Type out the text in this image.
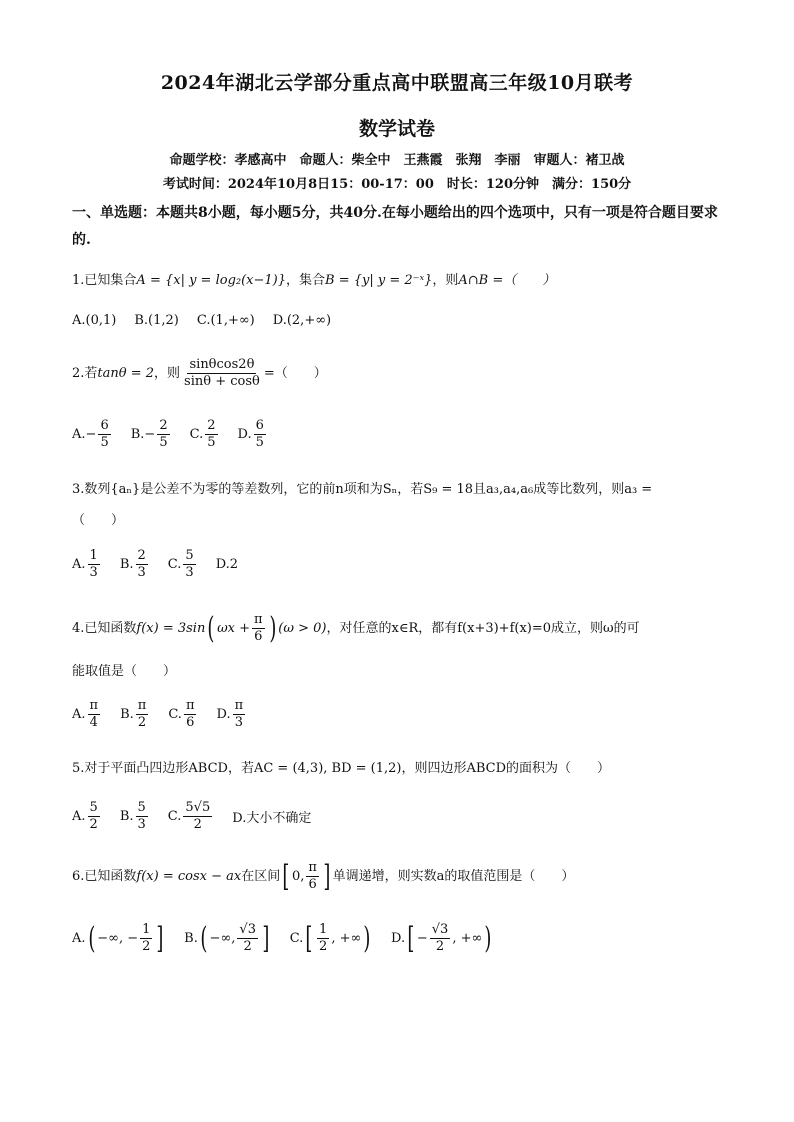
2024年湖北云学部分重点高中联盟高三年级10月联考
数学试卷
命题学校：孝感高中　命题人：柴全中　王燕霞　张翔　李丽　审题人：褚卫战
考试时间：2024年10月8日15：00-17：00　时长：120分钟　满分：150分
一、单选题：本题共8小题，每小题5分，共40分.在每小题给出的四个选项中，只有一项是符合题目要求的.
1.已知集合A = {x| y = log₂(x−1)}，集合B = {y| y = 2⁻ˣ}，则A∩B =（　　）
A.(0,1) B.(1,2) C.(1,+∞) D.(2,+∞)
2. 若 tanθ = 2 ，则 $\frac{\sin\theta\cos 2\theta}{\sin\theta + \cos\theta}$ =（　　）
A. − $\frac{6}{5} B$. − $\frac{2}{5} C$. $\frac{2}{5} D$. $\frac{6}{5}$
3.数列{aₙ}是公差不为零的等差数列，它的前n项和为Sₙ，若S₉ = 18且a₃,a₄,a₆成等比数列，则a₃ =
（　　）
A. $\frac{1}{3} B$. $\frac{2}{3} C$. $\frac{5}{3} D.2$
4. 已知函数 f(x) = 3sin ( $\omega x + \frac{\pi}{6}$ ) (ω > 0) ，对任意的x∈R，都有f(x+3)+f(x)=0成立，则ω的可
能取值是（　　）
A. $\frac{\pi}{4} B$. $\frac{\pi}{2} C$. $\frac{\pi}{6} D$. $\frac{\pi}{3}$
5.对于平面凸四边形ABCD，若AC = (4,3), BD = (1,2)，则四边形ABCD的面积为（　　）
A. $\frac{5}{2} B$. $\frac{5}{3} C$. $\frac{5√5}{2} D$.大小不确定
6. 已知函数 f(x) = cosx − ax 在区间 [ 0, $\frac{\pi}{6}$ ] 单调递增，则实数a的取值范围是（　　）
A. ( −∞, − $\frac{1}{2}$ ] B. ( −∞, $\frac{√3}{2}$ ] C. [ $\frac{1}{2}$ , +∞ ) D. [ − $\frac{√3}{2}$ , +∞ )
